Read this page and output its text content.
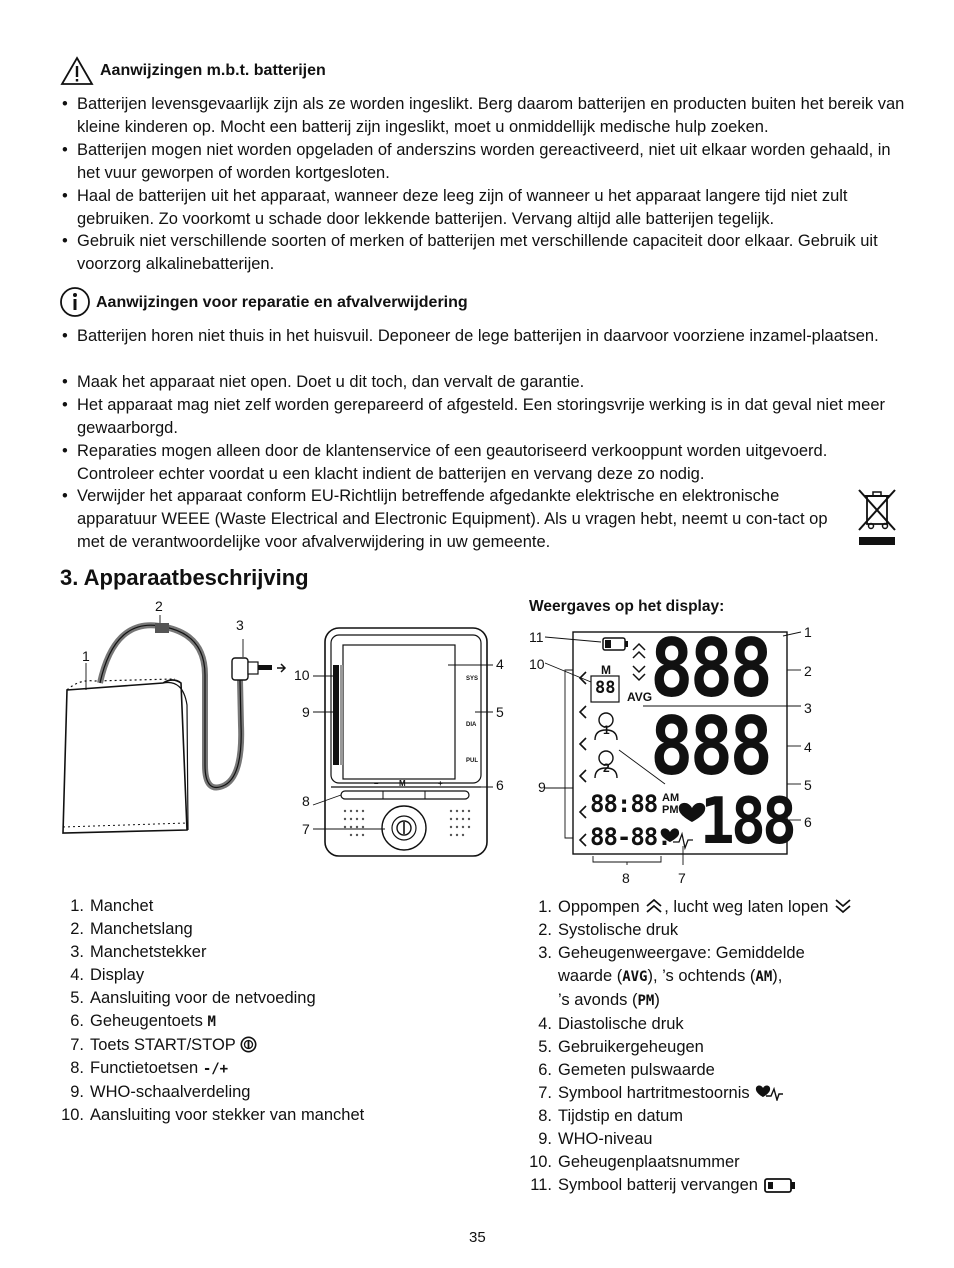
Aanwijzingen m.b.t. batterijen
• Batterijen levensgevaarlijk zijn als ze worden ingeslikt. Berg daarom batterijen en producten buiten het bereik van kleine kinderen op. Mocht een batterij zijn ingeslikt, moet u onmiddellijk medische hulp zoeken.
• Batterijen mogen niet worden opgeladen of anderszins worden gereactiveerd, niet uit elkaar worden gehaald, in het vuur geworpen of worden kortgesloten.
• Haal de batterijen uit het apparaat, wanneer deze leeg zijn of wanneer u het apparaat langere tijd niet zult gebruiken. Zo voorkomt u schade door lekkende batterijen. Vervang altijd alle batterijen tegelijk.
• Gebruik niet verschillende soorten of merken of batterijen met verschillende capaciteit door elkaar. Gebruik uit voorzorg alkalinebatterijen.
Aanwijzingen voor reparatie en afvalverwijdering
• Batterijen horen niet thuis in het huisvuil. Deponeer de lege batterijen in daarvoor voorziene inzamel-plaatsen.
• Maak het apparaat niet open. Doet u dit toch, dan vervalt de garantie.
• Het apparaat mag niet zelf worden gerepareerd of afgesteld. Een storingsvrije werking is in dat geval niet meer gewaarborgd.
• Reparaties mogen alleen door de klantenservice of een geautoriseerd verkooppunt worden uitgevoerd. Controleer echter voordat u een klacht indient de batterijen en vervang deze zo nodig.
• Verwijder het apparaat conform EU-Richtlijn betreffende afgedankte elektrische en elektronische apparatuur WEEE (Waste Electrical and Electronic Equipment). Als u vragen hebt, neemt u con-tact op met de verantwoordelijke voor afvalverwijdering in uw gemeente.
3. Apparaatbeschrijving
1
2
3
4
5
6
7
8
9
10	SYS
DIA
PUL
–	M	+
Weergaves op het display:
888
888
188
88:88
88-88.
88
M
AVG
AM
PM
1
2
1
2
3
4
5
6
7
8
9
10
11
1. Manchet
2. Manchetslang
3. Manchetstekker
4. Display
5. Aansluiting voor de netvoeding
6. Geheugentoets M
7. Toets START/STOP
8. Functietoetsen -/+
9. WHO-schaalverdeling
10. Aansluiting voor stekker van manchet
1. Oppompen , lucht weg laten lopen
2. Systolische druk
3. Geheugenweergave: Gemiddelde
waarde (AVG), ’s ochtends (AM),
’s avonds (PM)
4. Diastolische druk
5. Gebruikergeheugen
6. Gemeten pulswaarde
7. Symbool hartritmestoornis
8. Tijdstip en datum
9. WHO-niveau
10. Geheugenplaatsnummer
11. Symbool batterij vervangen
35
